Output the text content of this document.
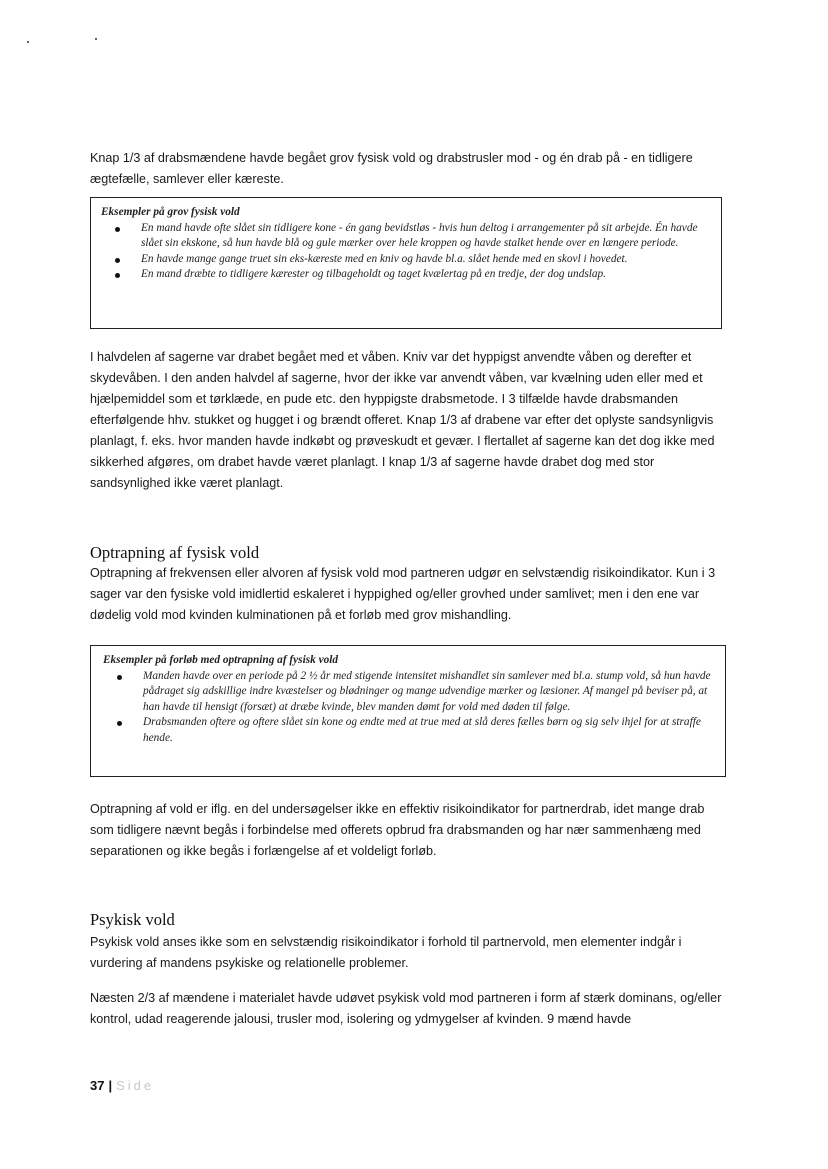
Knap 1/3 af drabsmændene havde begået grov fysisk vold og drabstrusler mod - og én drab på - en tidligere ægtefælle, samlever eller kæreste.

Eksempler på grov fysisk vold

En mand havde ofte slået sin tidligere kone - én gang bevidstløs - hvis hun deltog i arrangementer på sit arbejde. Én havde slået sin ekskone, så hun havde blå og gule mærker over hele kroppen og havde stalket hende over en længere periode.
En havde mange gange truet sin eks-kæreste med en kniv og havde bl.a. slået hende med en skovl i hovedet.
En mand dræbte to tidligere kærester og tilbageholdt og taget kvælertag på en tredje, der dog undslap.

I halvdelen af sagerne var drabet begået med et våben. Kniv var det hyppigst anvendte våben og derefter et skydevåben. I den anden halvdel af sagerne, hvor der ikke var anvendt våben, var kvælning uden eller med et hjælpemiddel som et tørklæde, en pude etc. den hyppigste drabsmetode. I 3 tilfælde havde drabsmanden efterfølgende hhv. stukket og hugget i og brændt offeret. Knap 1/3 af drabene var efter det oplyste sandsynligvis planlagt, f. eks. hvor manden havde indkøbt og prøveskudt et gevær. I flertallet af sagerne kan det dog ikke med sikkerhed afgøres, om drabet havde været planlagt. I knap 1/3 af sagerne havde drabet dog med stor sandsynlighed ikke været planlagt.

Optrapning af fysisk vold

Optrapning af frekvensen eller alvoren af fysisk vold mod partneren udgør en selvstændig risikoindikator. Kun i 3 sager var den fysiske vold imidlertid eskaleret i hyppighed og/eller grovhed under samlivet; men i den ene var dødelig vold mod kvinden kulminationen på et forløb med grov mishandling.

Eksempler på forløb med optrapning af fysisk vold

Manden havde over en periode på 2 ½ år med stigende intensitet mishandlet sin samlever med bl.a. stump vold, så hun havde pådraget sig adskillige indre kvæstelser og blødninger og mange udvendige mærker og læsioner. Af mangel på beviser på, at han havde til hensigt (forsæt) at dræbe kvinde, blev manden dømt for vold med døden til følge.
Drabsmanden oftere og oftere slået sin kone og endte med at true med at slå deres fælles børn og sig selv ihjel for at straffe hende.

Optrapning af vold er iflg. en del undersøgelser ikke en effektiv risikoindikator for partnerdrab, idet mange drab som tidligere nævnt begås i forbindelse med offerets opbrud fra drabsmanden og har nær sammenhæng med separationen og ikke begås i forlængelse af et voldeligt forløb.

Psykisk vold

Psykisk vold anses ikke som en selvstændig risikoindikator i forhold til partnervold, men elementer indgår i vurdering af mandens psykiske og relationelle problemer.

Næsten 2/3 af mændene i materialet havde udøvet psykisk vold mod partneren i form af stærk dominans, og/eller kontrol, udad reagerende jalousi, trusler mod, isolering og ydmygelser af kvinden. 9 mænd havde

37 | Side
